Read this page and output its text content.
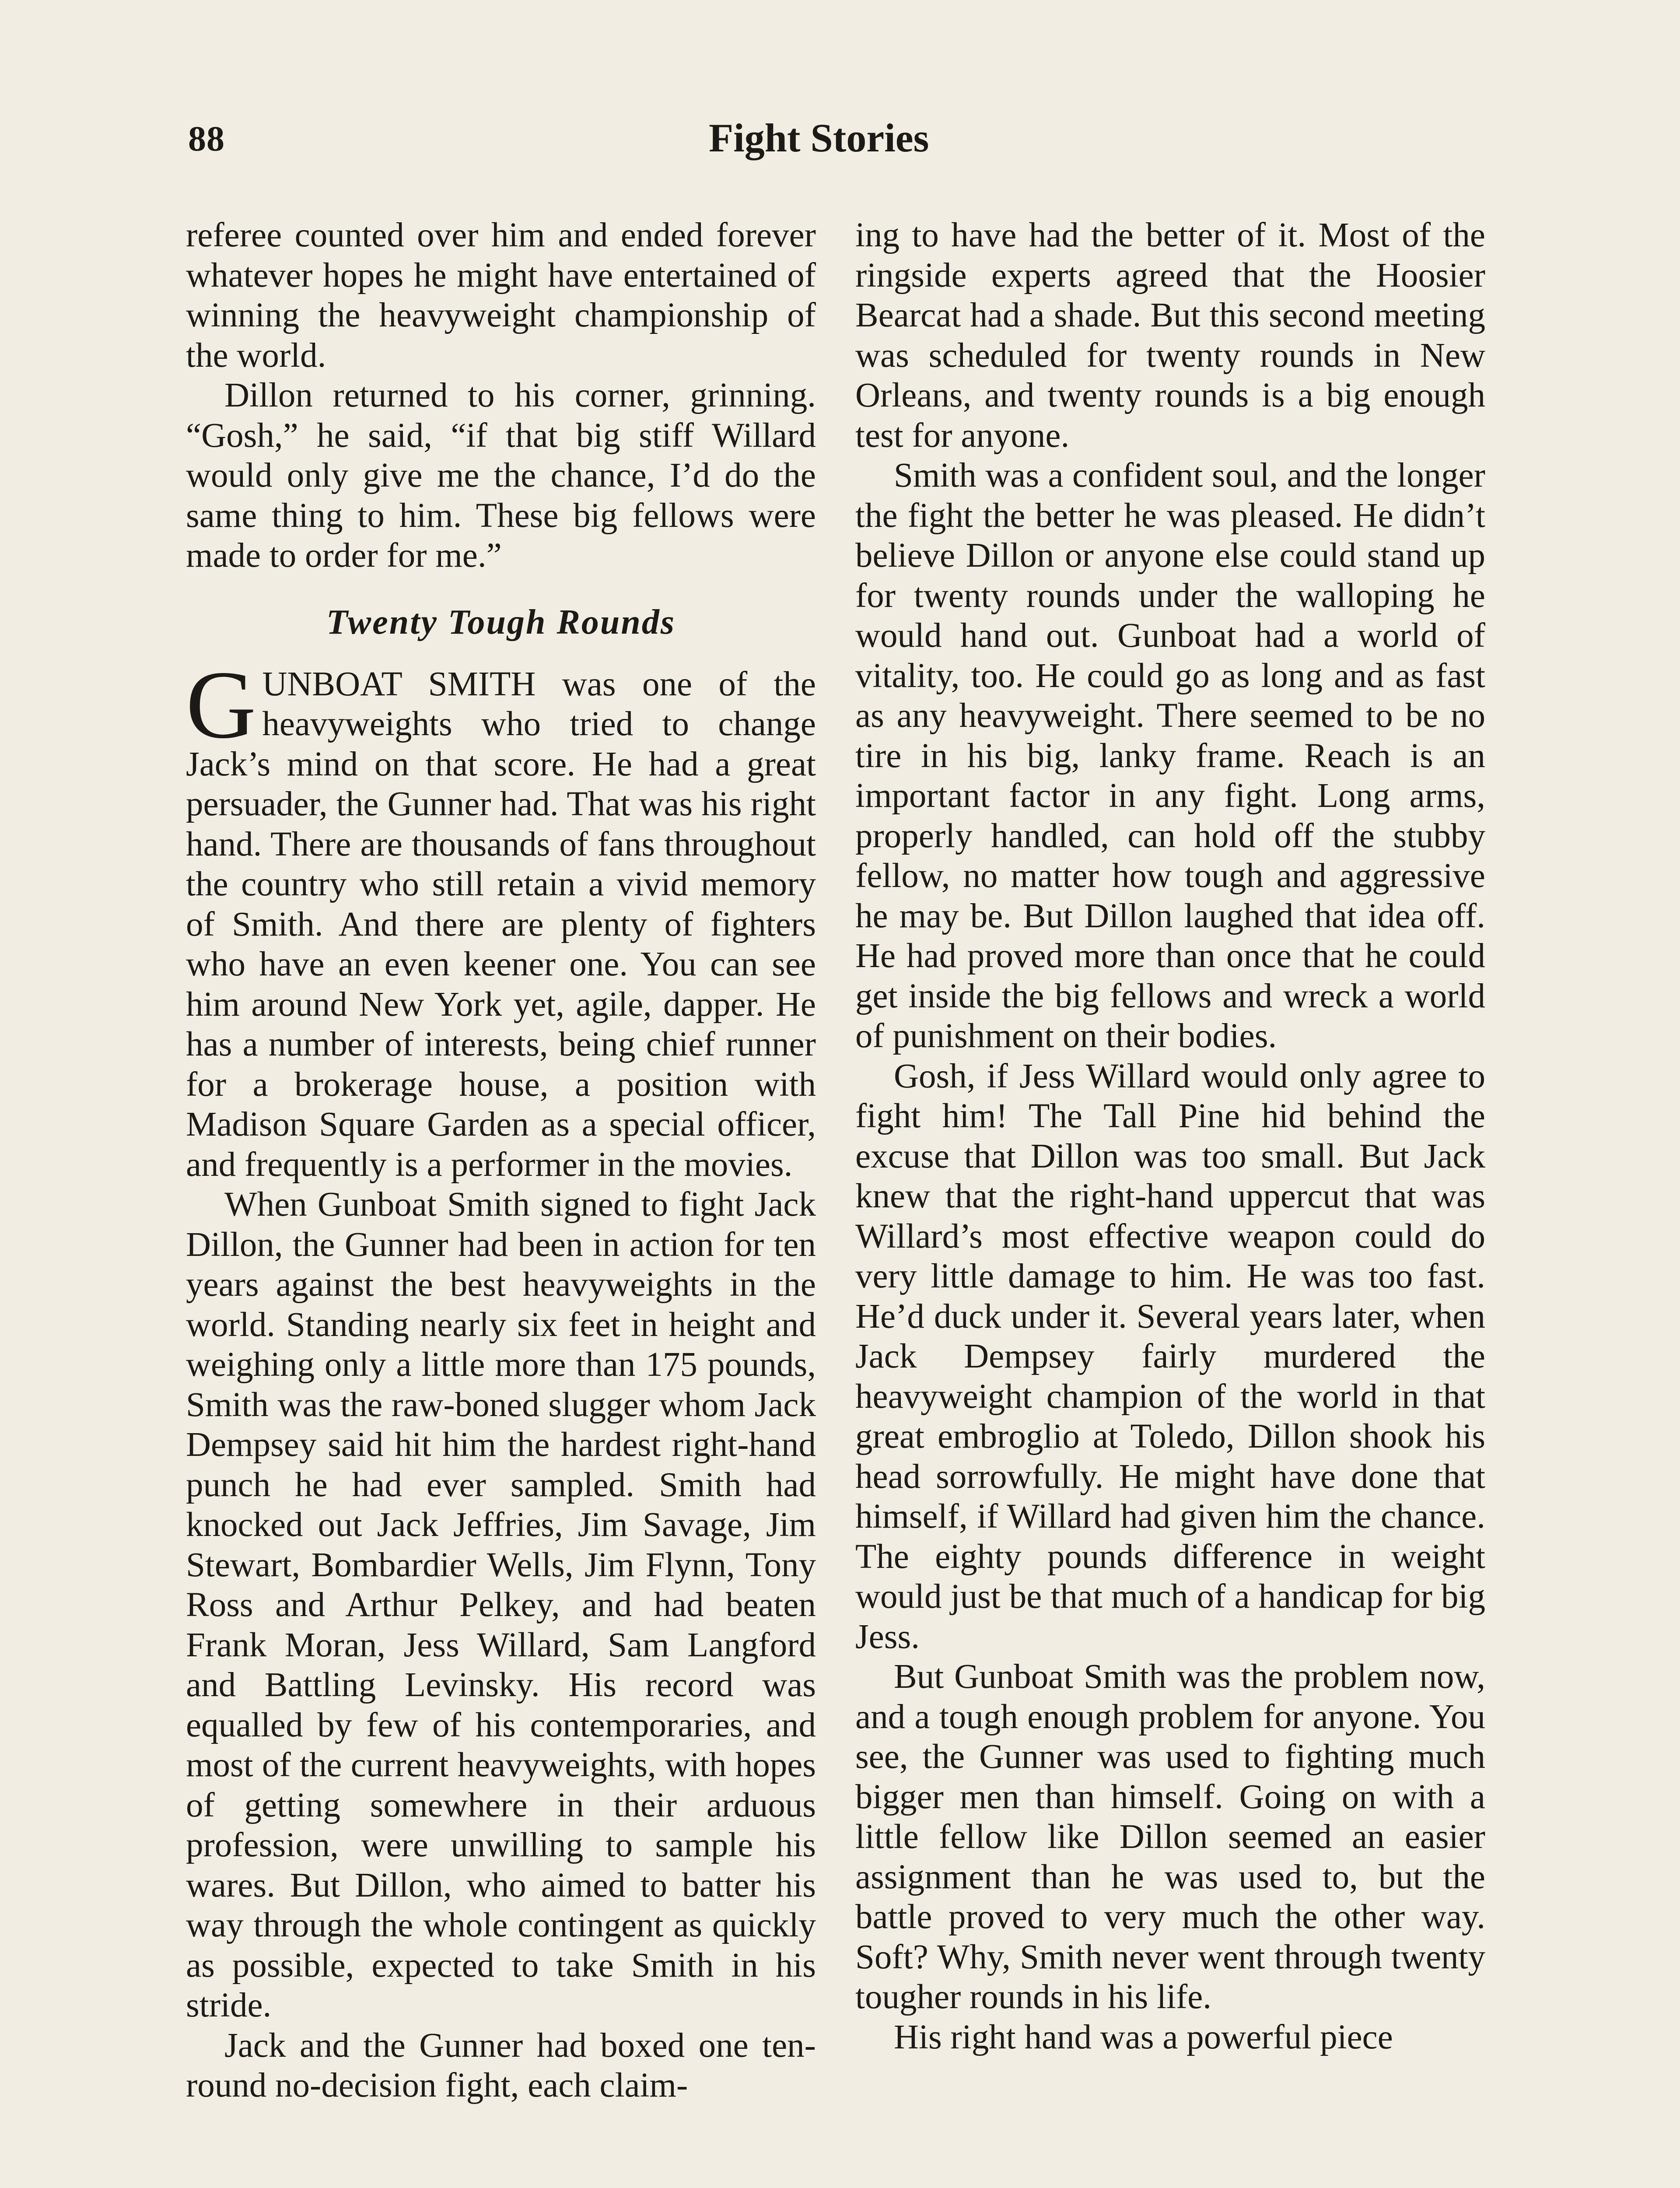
88	Fight Stories

referee counted over him and ended forever whatever hopes he might have entertained of winning the heavyweight championship of the world.

Dillon returned to his corner, grinning. “Gosh,” he said, “if that big stiff Willard would only give me the chance, I’d do the same thing to him. These big fellows were made to order for me.”

Twenty Tough Rounds

GUNBOAT SMITH was one of the heavyweights who tried to change Jack’s mind on that score. He had a great persuader, the Gunner had. That was his right hand. There are thousands of fans throughout the country who still retain a vivid memory of Smith. And there are plenty of fighters who have an even keener one. You can see him around New York yet, agile, dapper. He has a number of interests, being chief runner for a brokerage house, a position with Madison Square Garden as a special officer, and frequently is a performer in the movies.

When Gunboat Smith signed to fight Jack Dillon, the Gunner had been in action for ten years against the best heavyweights in the world. Standing nearly six feet in height and weighing only a little more than 175 pounds, Smith was the raw-boned slugger whom Jack Dempsey said hit him the hardest right-hand punch he had ever sampled. Smith had knocked out Jack Jeffries, Jim Savage, Jim Stewart, Bombardier Wells, Jim Flynn, Tony Ross and Arthur Pelkey, and had beaten Frank Moran, Jess Willard, Sam Langford and Battling Levinsky. His record was equalled by few of his contemporaries, and most of the current heavyweights, with hopes of getting somewhere in their arduous profession, were unwilling to sample his wares. But Dillon, who aimed to batter his way through the whole contingent as quickly as possible, expected to take Smith in his stride.

Jack and the Gunner had boxed one ten-round no-decision fight, each claim-

ing to have had the better of it. Most of the ringside experts agreed that the Hoosier Bearcat had a shade. But this second meeting was scheduled for twenty rounds in New Orleans, and twenty rounds is a big enough test for anyone.

Smith was a confident soul, and the longer the fight the better he was pleased. He didn’t believe Dillon or anyone else could stand up for twenty rounds under the walloping he would hand out. Gunboat had a world of vitality, too. He could go as long and as fast as any heavyweight. There seemed to be no tire in his big, lanky frame. Reach is an important factor in any fight. Long arms, properly handled, can hold off the stubby fellow, no matter how tough and aggressive he may be. But Dillon laughed that idea off. He had proved more than once that he could get inside the big fellows and wreck a world of punishment on their bodies.

Gosh, if Jess Willard would only agree to fight him! The Tall Pine hid behind the excuse that Dillon was too small. But Jack knew that the right-hand uppercut that was Willard’s most effective weapon could do very little damage to him. He was too fast. He’d duck under it. Several years later, when Jack Dempsey fairly murdered the heavyweight champion of the world in that great embroglio at Toledo, Dillon shook his head sorrowfully. He might have done that himself, if Willard had given him the chance. The eighty pounds difference in weight would just be that much of a handicap for big Jess.

But Gunboat Smith was the problem now, and a tough enough problem for anyone. You see, the Gunner was used to fighting much bigger men than himself. Going on with a little fellow like Dillon seemed an easier assignment than he was used to, but the battle proved to very much the other way. Soft? Why, Smith never went through twenty tougher rounds in his life.

His right hand was a powerful piece
